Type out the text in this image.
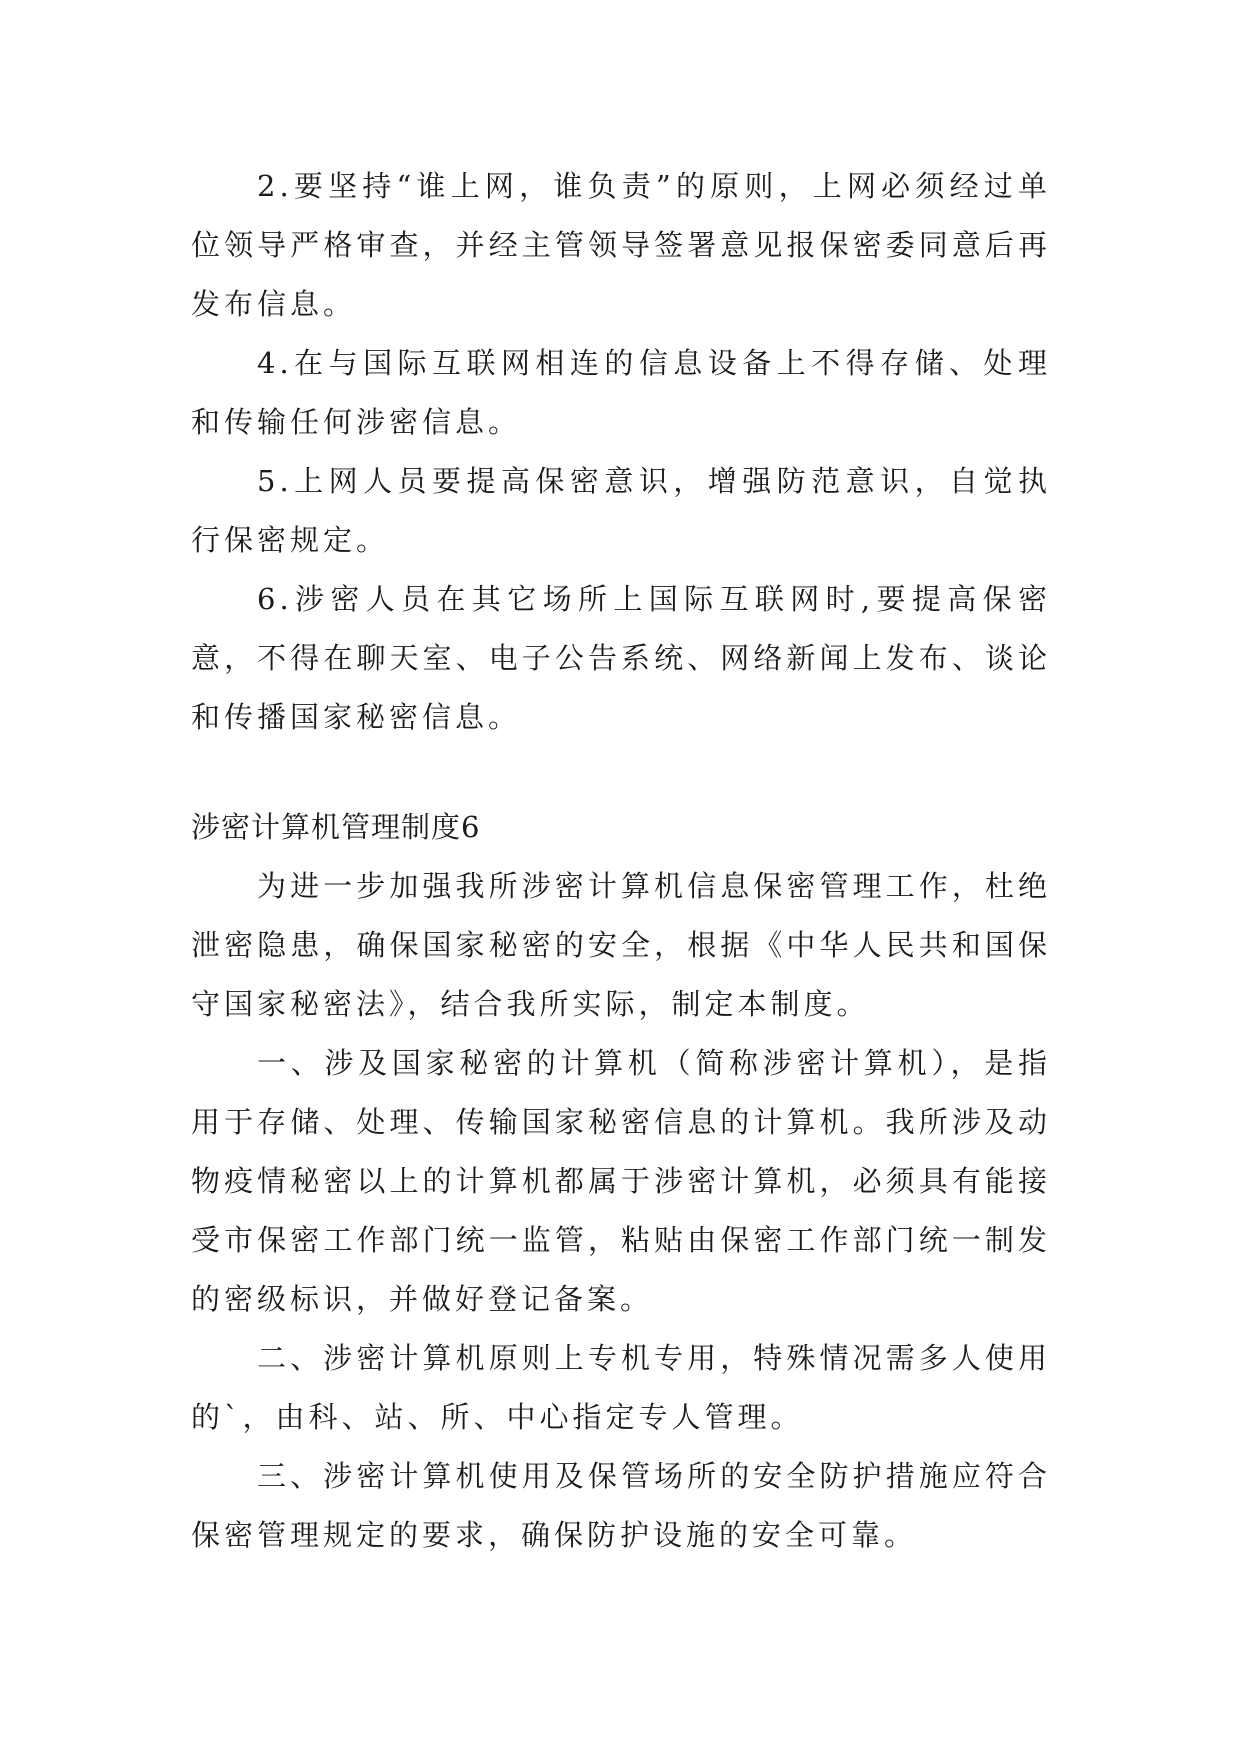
2.要坚持“谁上网，谁负责”的原则，上网必须经过单位领导严格审查，并经主管领导签署意见报保密委同意后再发布信息。

4.在与国际互联网相连的信息设备上不得存储、处理和传输任何涉密信息。

5.上网人员要提高保密意识，增强防范意识，自觉执行保密规定。

6.涉密人员在其它场所上国际互联网时,要提高保密意，不得在聊天室、电子公告系统、网络新闻上发布、谈论和传播国家秘密信息。

涉密计算机管理制度6

为进一步加强我所涉密计算机信息保密管理工作，杜绝泄密隐患，确保国家秘密的安全，根据《中华人民共和国保守国家秘密法》，结合我所实际，制定本制度。

一、涉及国家秘密的计算机（简称涉密计算机），是指用于存储、处理、传输国家秘密信息的计算机。我所涉及动物疫情秘密以上的计算机都属于涉密计算机，必须具有能接受市保密工作部门统一监管，粘贴由保密工作部门统一制发的密级标识，并做好登记备案。

二、涉密计算机原则上专机专用，特殊情况需多人使用的`，由科、站、所、中心指定专人管理。

三、涉密计算机使用及保管场所的安全防护措施应符合保密管理规定的要求，确保防护设施的安全可靠。
